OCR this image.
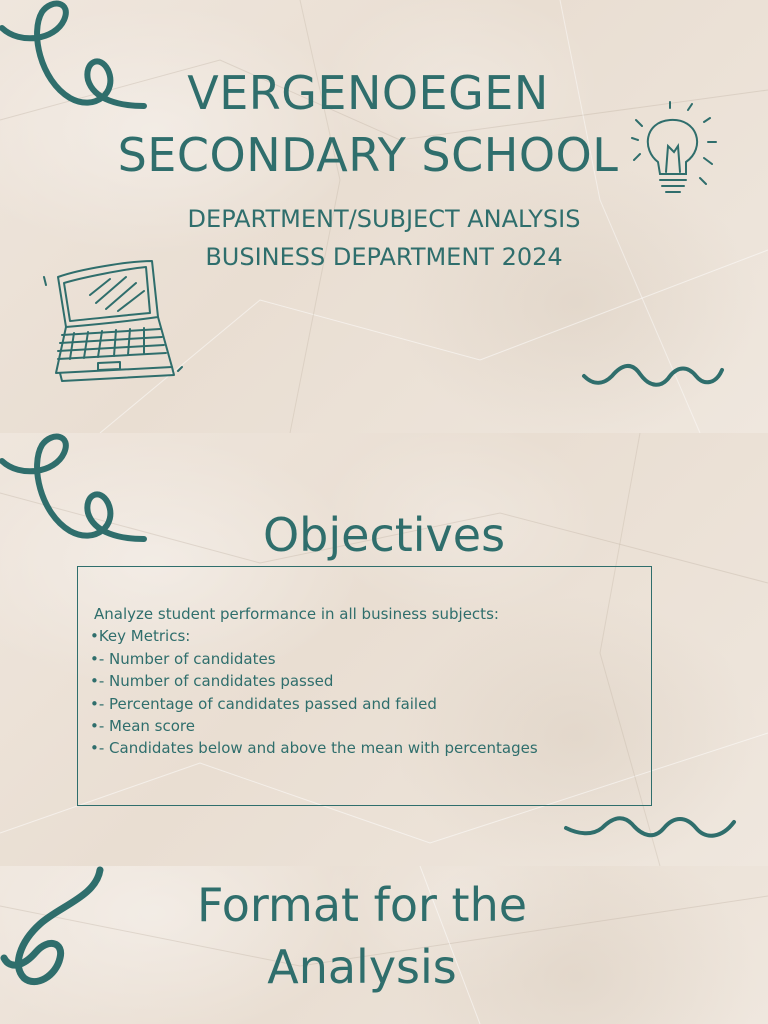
VERGENOEGEN
SECONDARY SCHOOL
DEPARTMENT/SUBJECT ANALYSIS
BUSINESS DEPARTMENT 2024
Objectives
Analyze student performance in all business subjects:
•Key Metrics:
•- Number of candidates
•- Number of candidates passed
•- Percentage of candidates passed and failed
•- Mean score
•- Candidates below and above the mean with percentages
Format for the
Analysis
